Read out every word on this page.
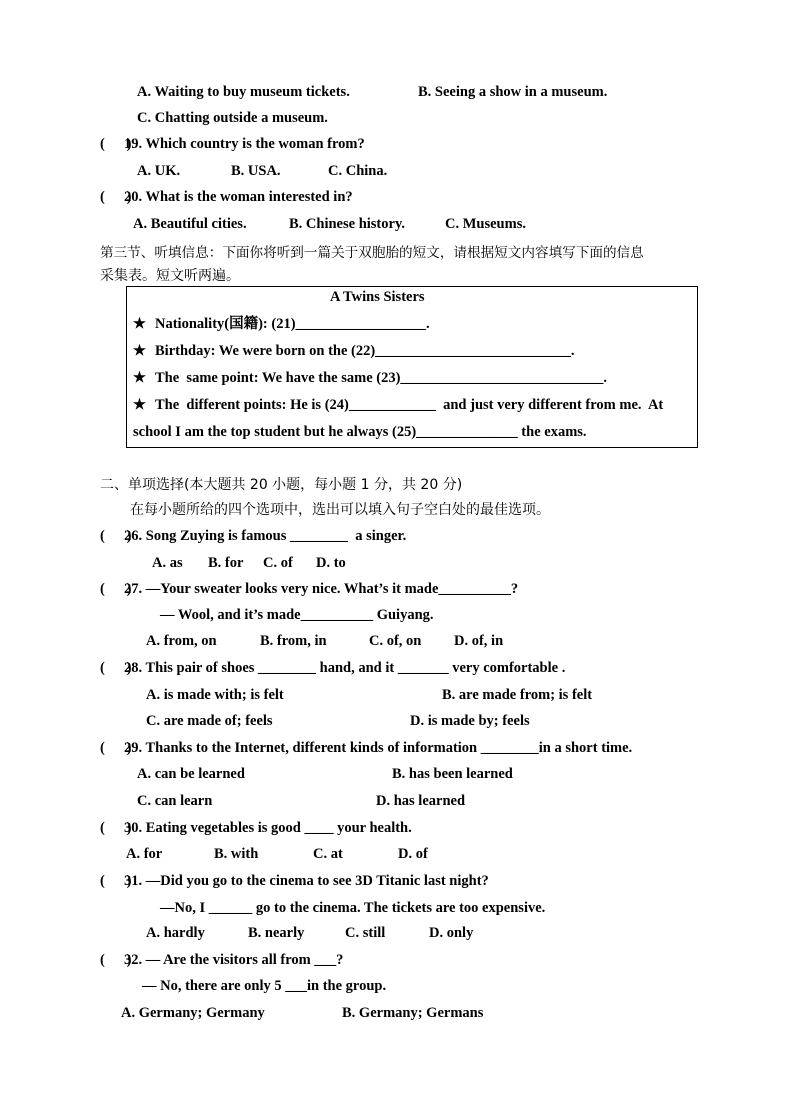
A. Waiting to buy museum tickets.	B. Seeing a show in a museum.
C. Chatting outside a museum.
(      )
19. Which country is the woman from?
A. UK.	B. USA.	C. China.
(      )
20. What is the woman interested in?
A. Beautiful cities.	B. Chinese history.	C. Museums.
第三节、听填信息：下面你将听到一篇关于双胞胎的短文，请根据短文内容填写下面的信息
采集表。短文听两遍。
A Twins Sisters
★ Nationality(国籍): (21)__________________.
★ Birthday: We were born on the (22)___________________________.
★ The  same point: We have the same (23)____________________________.
★ The  different points: He is (24)____________  and just very different from me.  At
school I am the top student but he always (25)______________ the exams.
二、单项选择(本大题共 20 小题，每小题 1 分，共 20 分)
在每小题所给的四个选项中，选出可以填入句子空白处的最佳选项。
(      )
26. Song Zuying is famous ________  a singer.
A. as B. for C. of D. to
(      )
27. —Your sweater looks very nice. What’s it made__________?
— Wool, and it’s made__________ Guiyang.
A. from, on	B. from, in	C. of, on D. of, in
(      )
28. This pair of shoes ________ hand, and it _______ very comfortable .
A. is made with; is felt	B. are made from; is felt
C. are made of; feels	D. is made by; feels
(      )
29. Thanks to the Internet, different kinds of information ________in a short time.
A. can be learned	B. has been learned
C. can learn	D. has learned
(      )
30. Eating vegetables is good ____ your health.
A. for	B. with	C. at	D. of
(      )
31. —Did you go to the cinema to see 3D Titanic last night?
—No, I ______ go to the cinema. The tickets are too expensive.
A. hardly	B. nearly	C. still	D. only
(      )
32. — Are the visitors all from ___?
— No, there are only 5 ___in the group.
A. Germany; Germany	B. Germany; Germans
